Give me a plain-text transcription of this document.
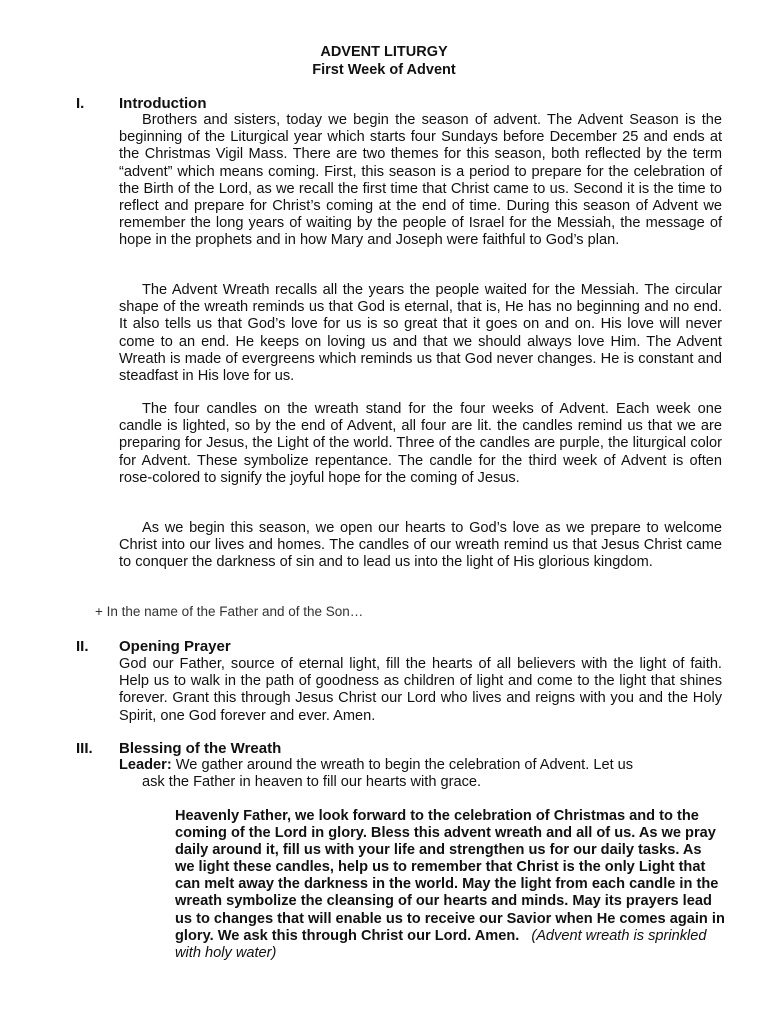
ADVENT LITURGY
First Week of Advent
I. Introduction
Brothers and sisters, today we begin the season of advent. The Advent Season is the beginning of the Liturgical year which starts four Sundays before December 25 and ends at the Christmas Vigil Mass. There are two themes for this season, both reflected by the term “advent” which means coming. First, this season is a period to prepare for the celebration of the Birth of the Lord, as we recall the first time that Christ came to us. Second it is the time to reflect and prepare for Christ’s coming at the end of time. During this season of Advent we remember the long years of waiting by the people of Israel for the Messiah, the message of hope in the prophets and in how Mary and Joseph were faithful to God’s plan.
The Advent Wreath recalls all the years the people waited for the Messiah. The circular shape of the wreath reminds us that God is eternal, that is, He has no beginning and no end. It also tells us that God’s love for us is so great that it goes on and on. His love will never come to an end. He keeps on loving us and that we should always love Him. The Advent Wreath is made of evergreens which reminds us that God never changes. He is constant and steadfast in His love for us.
The four candles on the wreath stand for the four weeks of Advent. Each week one candle is lighted, so by the end of Advent, all four are lit. the candles remind us that we are preparing for Jesus, the Light of the world. Three of the candles are purple, the liturgical color for Advent. These symbolize repentance. The candle for the third week of Advent is often rose-colored to signify the joyful hope for the coming of Jesus.
As we begin this season, we open our hearts to God’s love as we prepare to welcome Christ into our lives and homes. The candles of our wreath remind us that Jesus Christ came to conquer the darkness of sin and to lead us into the light of His glorious kingdom.
+ In the name of the Father and of the Son…
II. Opening Prayer
God our Father, source of eternal light, fill the hearts of all believers with the light of faith. Help us to walk in the path of goodness as children of light and come to the light that shines forever. Grant this through Jesus Christ our Lord who lives and reigns with you and the Holy Spirit, one God forever and ever. Amen.
III. Blessing of the Wreath
Leader: We gather around the wreath to begin the celebration of Advent. Let us
ask the Father in heaven to fill our hearts with grace.
Heavenly Father, we look forward to the celebration of Christmas and to the coming of the Lord in glory. Bless this advent wreath and all of us. As we pray daily around it, fill us with your life and strengthen us for our daily tasks. As we light these candles, help us to remember that Christ is the only Light that can melt away the darkness in the world. May the light from each candle in the wreath symbolize the cleansing of our hearts and minds. May its prayers lead us to changes that will enable us to receive our Savior when He comes again in glory. We ask this through Christ our Lord. Amen. (Advent wreath is sprinkled with holy water)
